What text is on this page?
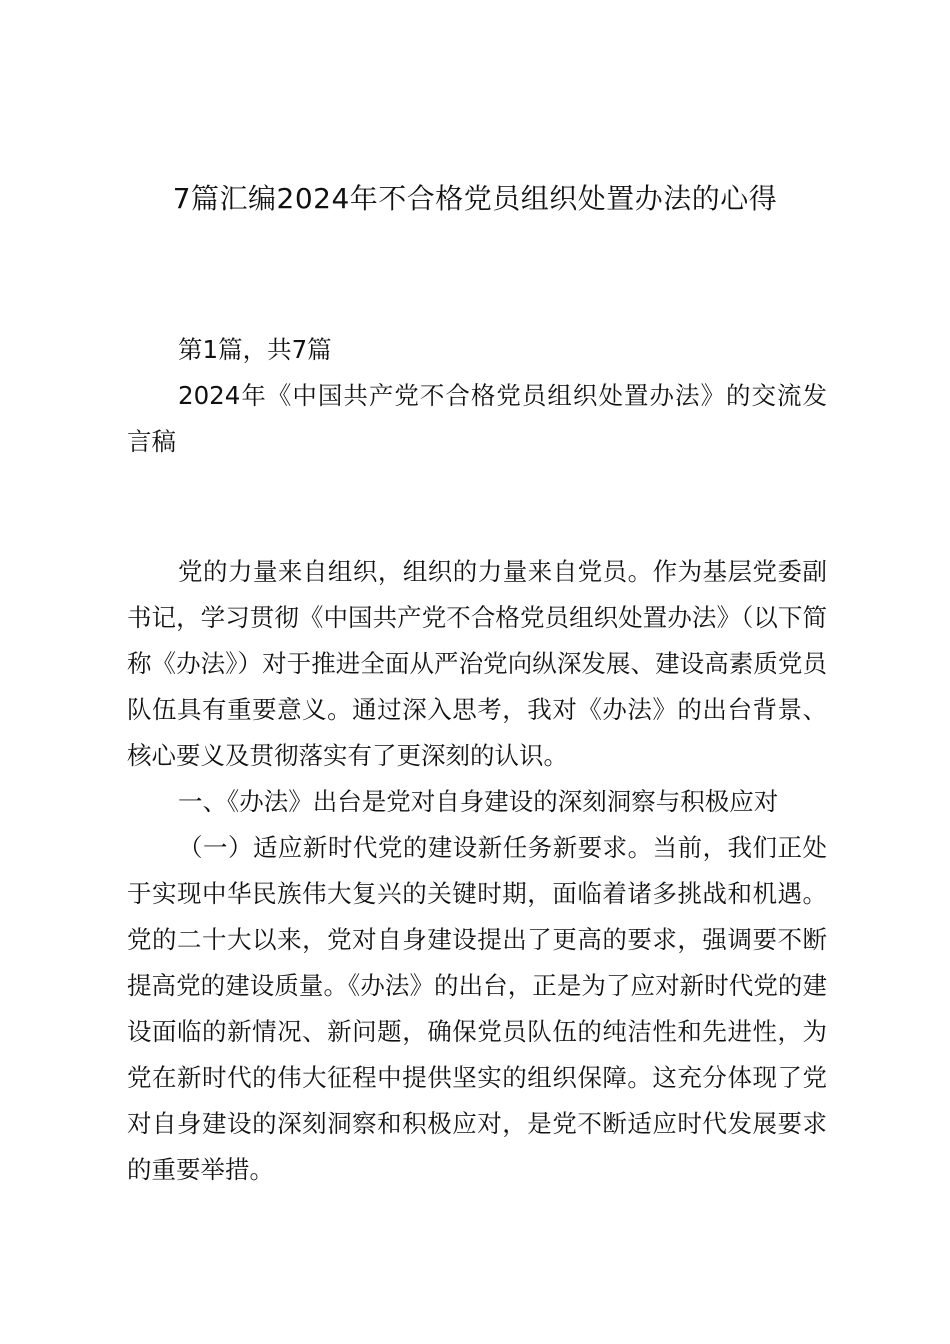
7篇汇编2024年不合格党员组织处置办法的心得

第1篇，共7篇

2024年《中国共产党不合格党员组织处置办法》的交流发言稿

党的力量来自组织，组织的力量来自党员。作为基层党委副书记，学习贯彻《中国共产党不合格党员组织处置办法》（以下简称《办法》）对于推进全面从严治党向纵深发展、建设高素质党员队伍具有重要意义。通过深入思考，我对《办法》的出台背景、核心要义及贯彻落实有了更深刻的认识。

一、《办法》出台是党对自身建设的深刻洞察与积极应对

（一）适应新时代党的建设新任务新要求。当前，我们正处于实现中华民族伟大复兴的关键时期，面临着诸多挑战和机遇。党的二十大以来，党对自身建设提出了更高的要求，强调要不断提高党的建设质量。《办法》的出台，正是为了应对新时代党的建设面临的新情况、新问题，确保党员队伍的纯洁性和先进性，为党在新时代的伟大征程中提供坚实的组织保障。这充分体现了党对自身建设的深刻洞察和积极应对，是党不断适应时代发展要求的重要举措。
